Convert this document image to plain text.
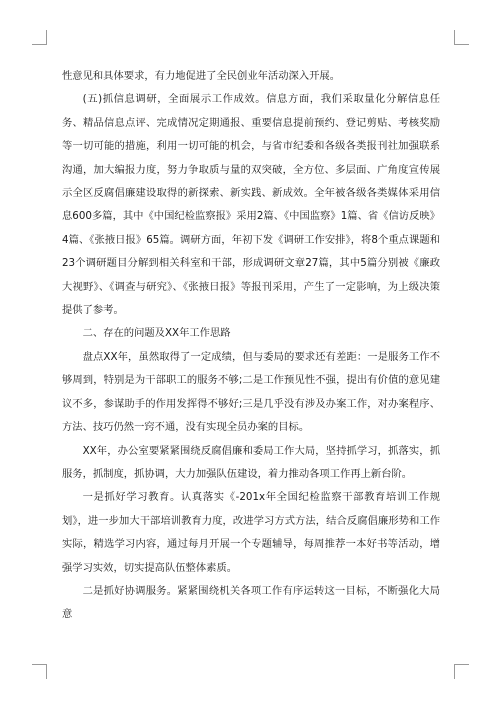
性意见和具体要求，有力地促进了全民创业年活动深入开展。

(五)抓信息调研，全面展示工作成效。信息方面，我们采取量化分解信息任务、精品信息点评、完成情况定期通报、重要信息提前预约、登记剪贴、考核奖励等一切可能的措施，利用一切可能的机会，与省市纪委和各级各类报刊社加强联系沟通，加大编报力度，努力争取质与量的双突破，全方位、多层面、广角度宣传展示全区反腐倡廉建设取得的新探索、新实践、新成效。全年被各级各类媒体采用信息600多篇，其中《中国纪检监察报》采用2篇、《中国监察》1篇、省《信访反映》4篇、《张掖日报》65篇。调研方面，年初下发《调研工作安排》，将8个重点课题和23个调研题目分解到相关科室和干部，形成调研文章27篇，其中5篇分别被《廉政大视野》、《调查与研究》、《张掖日报》等报刊采用，产生了一定影响，为上级决策提供了参考。

二、存在的问题及XX年工作思路

盘点XX年，虽然取得了一定成绩，但与委局的要求还有差距：一是服务工作不够周到，特别是为干部职工的服务不够;二是工作预见性不强，提出有价值的意见建议不多，参谋助手的作用发挥得不够好;三是几乎没有涉及办案工作，对办案程序、方法、技巧仍然一窍不通，没有实现全员办案的目标。

XX年，办公室要紧紧围绕反腐倡廉和委局工作大局，坚持抓学习，抓落实，抓服务，抓制度，抓协调，大力加强队伍建设，着力推动各项工作再上新台阶。

一是抓好学习教育。认真落实《-201x年全国纪检监察干部教育培训工作规划》，进一步加大干部培训教育力度，改进学习方式方法，结合反腐倡廉形势和工作实际，精选学习内容，通过每月开展一个专题辅导，每周推荐一本好书等活动，增强学习实效，切实提高队伍整体素质。

二是抓好协调服务。紧紧围绕机关各项工作有序运转这一目标，不断强化大局意
